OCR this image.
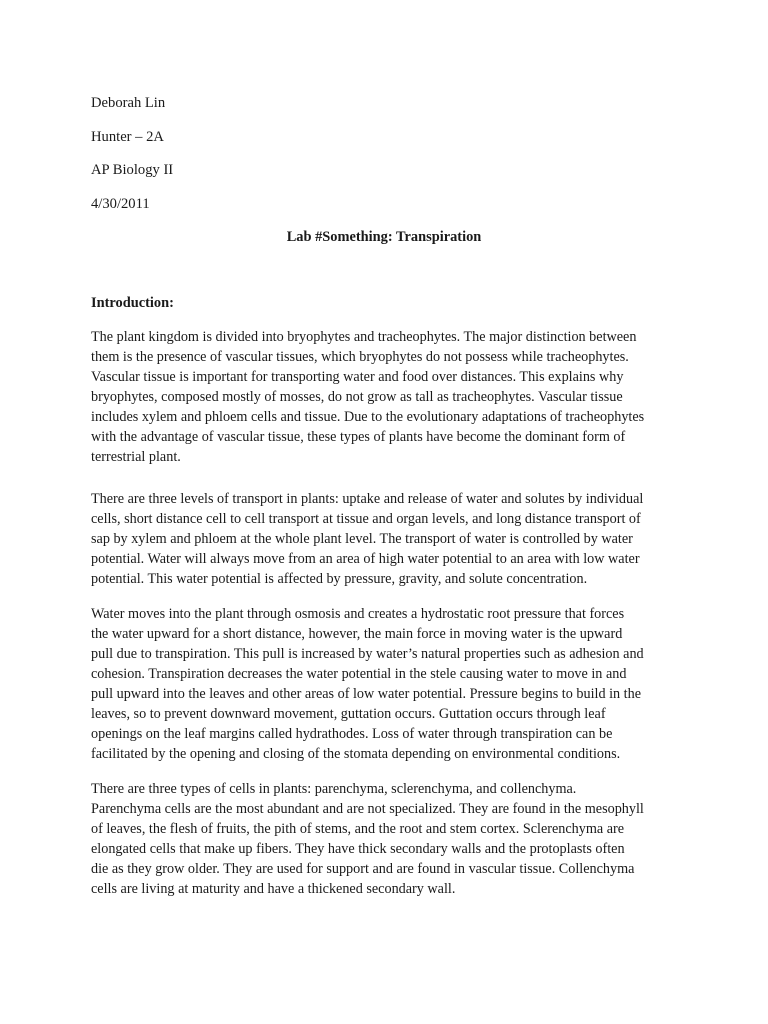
Deborah Lin
Hunter – 2A
AP Biology II
4/30/2011
Lab #Something: Transpiration
Introduction:
The plant kingdom is divided into bryophytes and tracheophytes. The major distinction between
them is the presence of vascular tissues, which bryophytes do not possess while tracheophytes.
Vascular tissue is important for transporting water and food over distances. This explains why
bryophytes, composed mostly of mosses, do not grow as tall as tracheophytes. Vascular tissue
includes xylem and phloem cells and tissue. Due to the evolutionary adaptations of tracheophytes
with the advantage of vascular tissue, these types of plants have become the dominant form of
terrestrial plant.
There are three levels of transport in plants: uptake and release of water and solutes by individual
cells, short distance cell to cell transport at tissue and organ levels, and long distance transport of
sap by xylem and phloem at the whole plant level. The transport of water is controlled by water
potential. Water will always move from an area of high water potential to an area with low water
potential. This water potential is affected by pressure, gravity, and solute concentration.
Water moves into the plant through osmosis and creates a hydrostatic root pressure that forces
the water upward for a short distance, however, the main force in moving water is the upward
pull due to transpiration. This pull is increased by water’s natural properties such as adhesion and
cohesion. Transpiration decreases the water potential in the stele causing water to move in and
pull upward into the leaves and other areas of low water potential. Pressure begins to build in the
leaves, so to prevent downward movement, guttation occurs. Guttation occurs through leaf
openings on the leaf margins called hydrathodes. Loss of water through transpiration can be
facilitated by the opening and closing of the stomata depending on environmental conditions.
There are three types of cells in plants: parenchyma, sclerenchyma, and collenchyma.
Parenchyma cells are the most abundant and are not specialized. They are found in the mesophyll
of leaves, the flesh of fruits, the pith of stems, and the root and stem cortex. Sclerenchyma are
elongated cells that make up fibers. They have thick secondary walls and the protoplasts often
die as they grow older. They are used for support and are found in vascular tissue. Collenchyma
cells are living at maturity and have a thickened secondary wall.
